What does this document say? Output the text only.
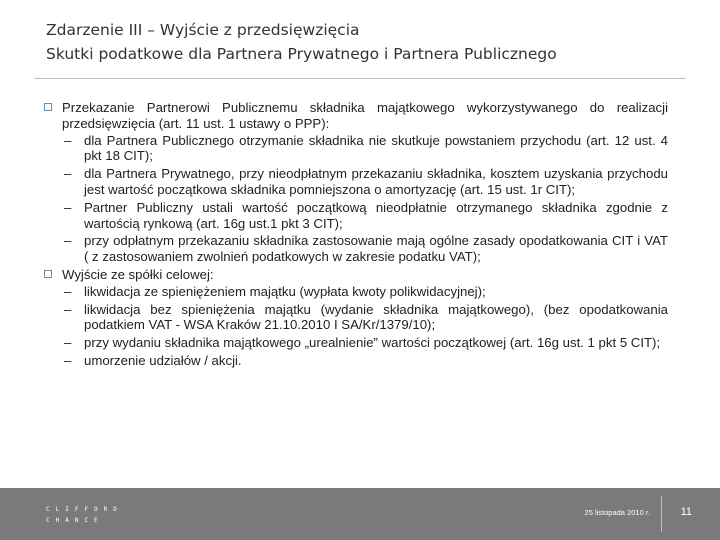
Zdarzenie III – Wyjście z przedsięwzięcia
Skutki podatkowe dla Partnera Prywatnego i Partnera Publicznego
Przekazanie Partnerowi Publicznemu składnika majątkowego wykorzystywanego do realizacji przedsięwzięcia (art. 11 ust. 1 ustawy o PPP):
– dla Partnera Publicznego otrzymanie składnika nie skutkuje powstaniem przychodu (art. 12 ust. 4 pkt 18 CIT);
– dla Partnera Prywatnego, przy nieodpłatnym przekazaniu składnika, kosztem uzyskania przychodu jest wartość początkowa składnika pomniejszona o amortyzację (art. 15 ust. 1r CIT);
– Partner Publiczny ustali wartość początkową nieodpłatnie otrzymanego składnika zgodnie z wartością rynkową (art. 16g ust.1 pkt 3 CIT);
– przy odpłatnym przekazaniu składnika zastosowanie mają ogólne zasady opodatkowania CIT i VAT ( z zastosowaniem zwolnień podatkowych w zakresie podatku VAT);
Wyjście ze spółki celowej:
– likwidacja ze spieniężeniem majątku (wypłata kwoty polikwidacyjnej);
– likwidacja bez spieniężenia majątku (wydanie składnika majątkowego), (bez opodatkowania podatkiem VAT - WSA Kraków 21.10.2010 I SA/Kr/1379/10);
– przy wydaniu składnika majątkowego „urealnienie” wartości początkowej (art. 16g ust. 1 pkt 5 CIT);
– umorzenie udziałów / akcji.
CLIFFORD
CHANCE
25 listopada 2010 r.	11
